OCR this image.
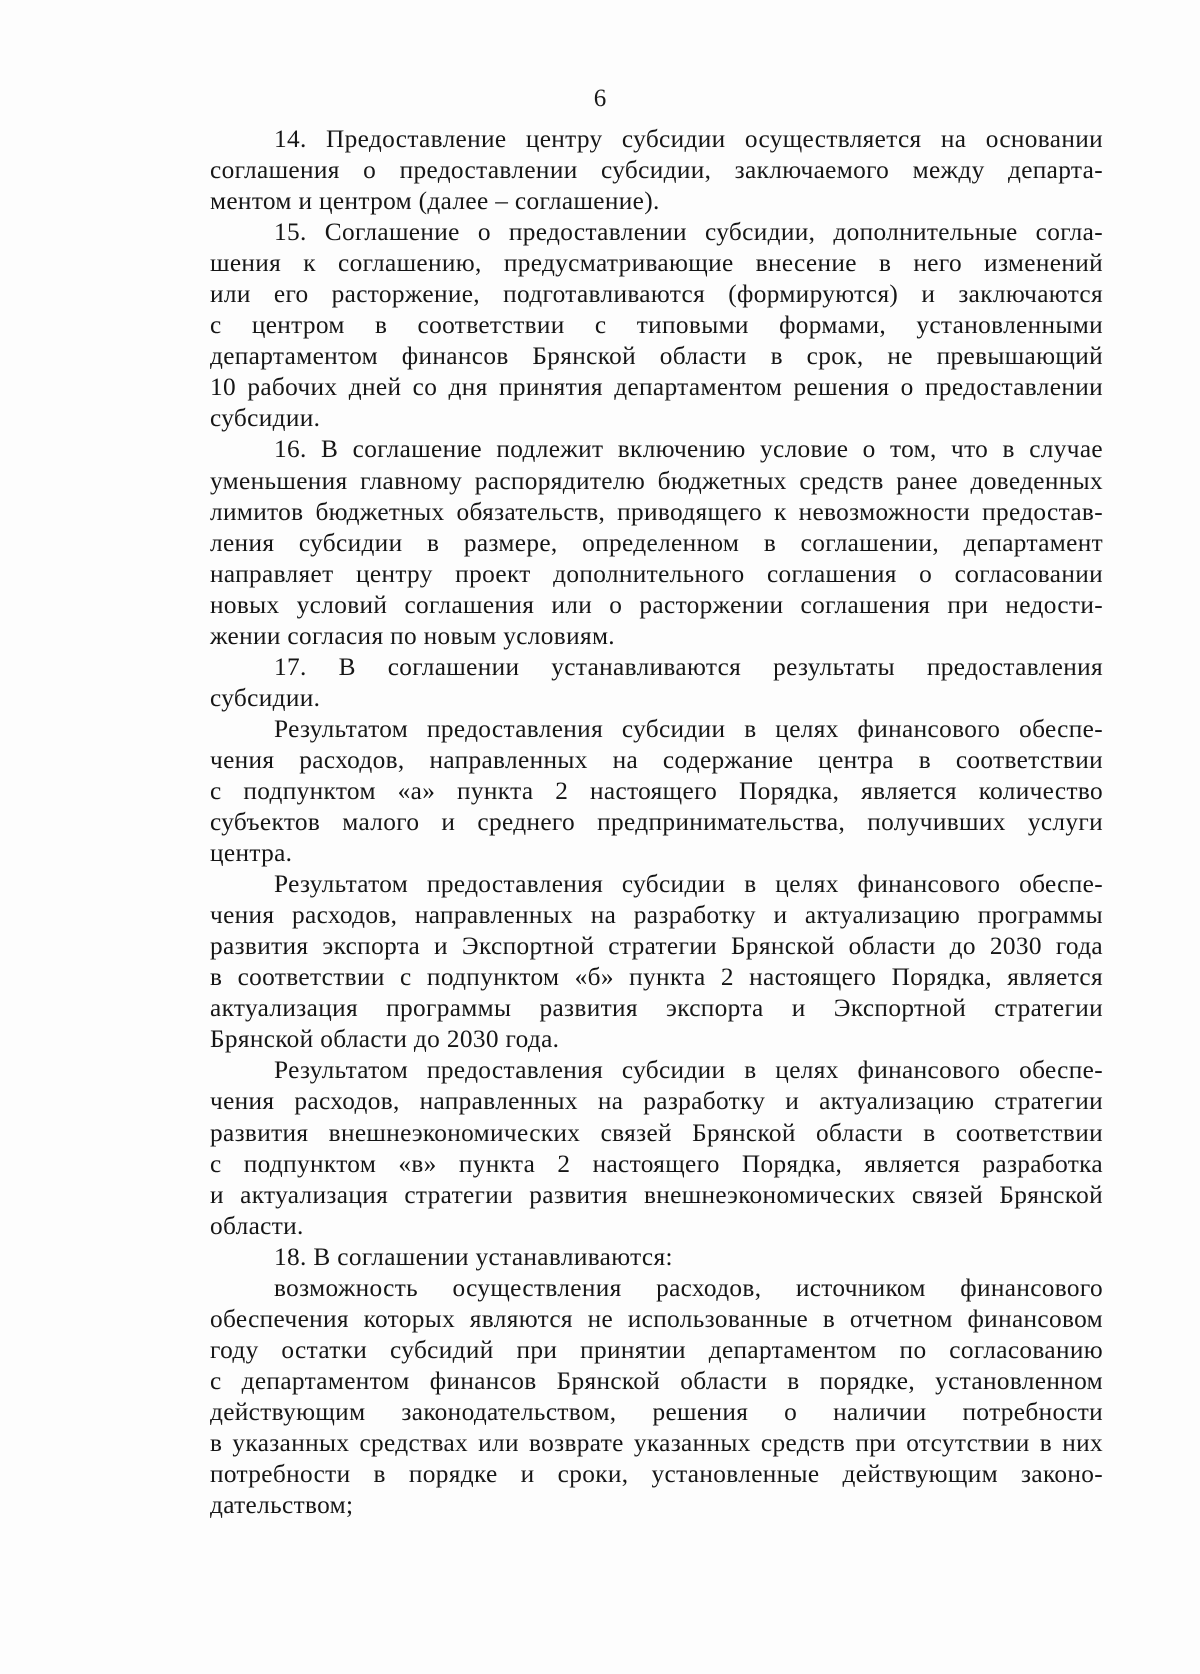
6
14. Предоставление центру субсидии осуществляется на основании
соглашения о предоставлении субсидии, заключаемого между департа-
ментом и центром (далее – соглашение).
15. Соглашение о предоставлении субсидии, дополнительные согла-
шения к соглашению, предусматривающие внесение в него изменений
или его расторжение, подготавливаются (формируются) и заключаются
с центром в соответствии с типовыми формами, установленными
департаментом финансов Брянской области в срок, не превышающий
10 рабочих дней со дня принятия департаментом решения о предоставлении
субсидии.
16. В соглашение подлежит включению условие о том, что в случае
уменьшения главному распорядителю бюджетных средств ранее доведенных
лимитов бюджетных обязательств, приводящего к невозможности предостав-
ления субсидии в размере, определенном в соглашении, департамент
направляет центру проект дополнительного соглашения о согласовании
новых условий соглашения или о расторжении соглашения при недости-
жении согласия по новым условиям.
17. В соглашении устанавливаются результаты предоставления
субсидии.
Результатом предоставления субсидии в целях финансового обеспе-
чения расходов, направленных на содержание центра в соответствии
с подпунктом «а» пункта 2 настоящего Порядка, является количество
субъектов малого и среднего предпринимательства, получивших услуги
центра.
Результатом предоставления субсидии в целях финансового обеспе-
чения расходов, направленных на разработку и актуализацию программы
развития экспорта и Экспортной стратегии Брянской области до 2030 года
в соответствии с подпунктом «б» пункта 2 настоящего Порядка, является
актуализация программы развития экспорта и Экспортной стратегии
Брянской области до 2030 года.
Результатом предоставления субсидии в целях финансового обеспе-
чения расходов, направленных на разработку и актуализацию стратегии
развития внешнеэкономических связей Брянской области в соответствии
с подпунктом «в» пункта 2 настоящего Порядка, является разработка
и актуализация стратегии развития внешнеэкономических связей Брянской
области.
18. В соглашении устанавливаются:
возможность осуществления расходов, источником финансового
обеспечения которых являются не использованные в отчетном финансовом
году остатки субсидий при принятии департаментом по согласованию
с департаментом финансов Брянской области в порядке, установленном
действующим законодательством, решения о наличии потребности
в указанных средствах или возврате указанных средств при отсутствии в них
потребности в порядке и сроки, установленные действующим законо-
дательством;
